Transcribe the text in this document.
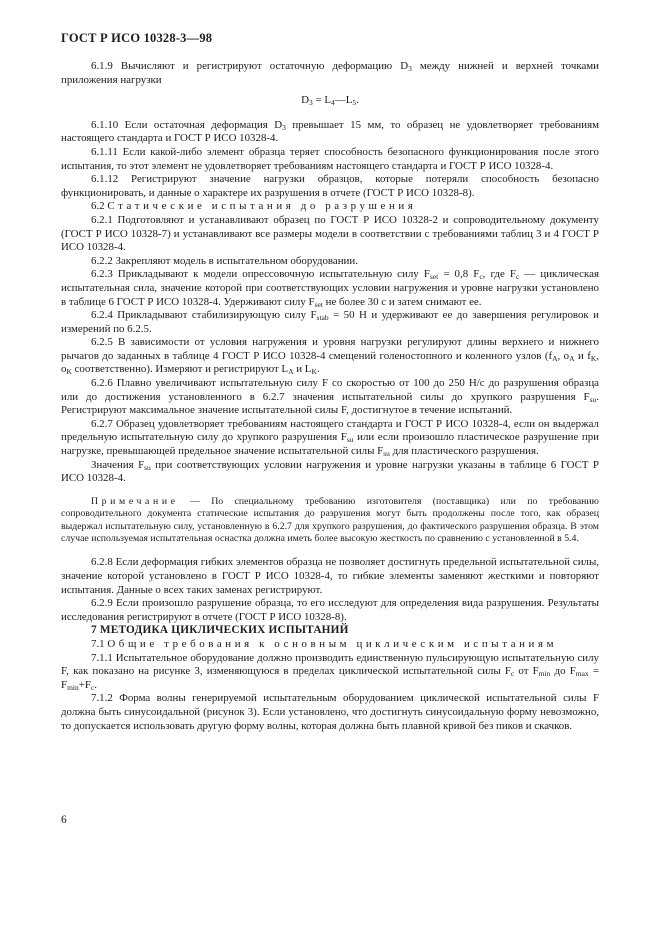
ГОСТ Р ИСО 10328-3—98

6.1.9 Вычисляют и регистрируют остаточную деформацию $D_3$ между нижней и верхней точками приложения нагрузки

$D_3$ = $L_4—L_5$.

6.1.10 Если остаточная деформация $D_3$ превышает 15 мм, то образец не удовлетворяет требованиям настоящего стандарта и ГОСТ Р ИСО 10328-4.

6.1.11 Если какой-либо элемент образца теряет способность безопасного функционирования после этого испытания, то этот элемент не удовлетворяет требованиям настоящего стандарта и ГОСТ Р ИСО 10328-4.

6.1.12 Регистрируют значение нагрузки образцов, которые потеряли способность безопасно функционировать, и данные о характере их разрушения в отчете (ГОСТ Р ИСО 10328-8).

6.2 Статические испытания до разрушения

6.2.1 Подготовляют и устанавливают образец по ГОСТ Р ИСО 10328-2 и сопроводительному документу (ГОСТ Р ИСО 10328-7) и устанавливают все размеры модели в соответствии с требованиями таблиц 3 и 4 ГОСТ Р ИСО 10328-4.

6.2.2 Закрепляют модель в испытательном оборудовании.

6.2.3 Прикладывают к модели опрессовочную испытательную силу $F_{set} = 0,8$ $F_c$, где $F_c$ — циклическая испытательная сила, значение которой при соответствующих условии нагружения и уровне нагрузки установлено в таблице 6 ГОСТ Р ИСО 10328-4. Удерживают силу $F_{set}$ не более 30 с и затем снимают ее.

6.2.4 Прикладывают стабилизирующую силу $F_{stab} = 50$ Н и удерживают ее до завершения регулировок и измерений по 6.2.5.

6.2.5 В зависимости от условия нагружения и уровня нагрузки регулируют длины верхнего и нижнего рычагов до заданных в таблице 4 ГОСТ Р ИСО 10328-4 смещений голеностопного и коленного узлов ($f_A$, $o_A$ и $f_K$, $o_K$ соответственно). Измеряют и регистрируют $L_A$ и $L_K$.

6.2.6 Плавно увеличивают испытательную силу F со скоростью от 100 до 250 Н/с до разрушения образца или до достижения установленного в 6.2.7 значения испытательной силы до хрупкого разрушения $F_{su}$. Регистрируют максимальное значение испытательной силы F, достигнутое в течение испытаний.

6.2.7 Образец удовлетворяет требованиям настоящего стандарта и ГОСТ Р ИСО 10328-4, если он выдержал предельную испытательную силу до хрупкого разрушения $F_{su}$ или если произошло пластическое разрушение при нагрузке, превышающей предельное значение испытательной силы $F_{su}$ для пластического разрушения.

Значения $F_{su}$ при соответствующих условии нагружения и уровне нагрузки указаны в таблице 6 ГОСТ Р ИСО 10328-4.

Примечание — По специальному требованию изготовителя (поставщика) или по требованию сопроводительного документа статические испытания до разрушения могут быть продолжены после того, как образец выдержал испытательную силу, установленную в 6.2.7 для хрупкого разрушения, до фактического разрушения образца. В этом случае используемая испытательная оснастка должна иметь более высокую жесткость по сравнению с установленной в 5.4.

6.2.8 Если деформация гибких элементов образца не позволяет достигнуть предельной испытательной силы, значение которой установлено в ГОСТ Р ИСО 10328-4, то гибкие элементы заменяют жесткими и повторяют испытания. Данные о всех таких заменах регистрируют.

6.2.9 Если произошло разрушение образца, то его исследуют для определения вида разрушения. Результаты исследования регистрируют в отчете (ГОСТ Р ИСО 10328-8).

7 МЕТОДИКА ЦИКЛИЧЕСКИХ ИСПЫТАНИЙ

7.1 Общие требования к основным циклическим испытаниям

7.1.1 Испытательное оборудование должно производить единственную пульсирующую испытательную силу F, как показано на рисунке 3, изменяющуюся в пределах циклической испытательной силы $F_c$ от $F_{min}$ до $F_{max} = F_{min}+F_c$.

7.1.2 Форма волны генерируемой испытательным оборудованием циклической испытательной силы F должна быть синусоидальной (рисунок 3). Если установлено, что достигнуть синусоидальную форму невозможно, то допускается использовать другую форму волны, которая должна быть плавной кривой без пиков и скачков.

6
